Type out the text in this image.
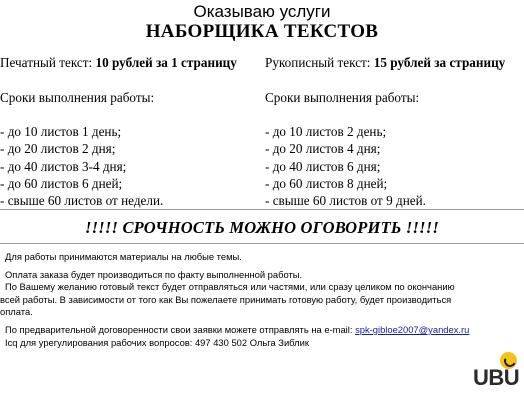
Оказываю услуги
НАБОРЩИКА ТЕКСТОВ
Печатный текст: 10 рублей за 1 страницу
Сроки выполнения работы:
- до 10 листов 1 день;
- до 20 листов 2 дня;
- до 40 листов 3-4 дня;
- до 60 листов 6 дней;
- свыше 60 листов от недели.
Рукописный текст: 15 рублей за страницу
Сроки выполнения работы:
- до 10 листов 2 день;
- до 20 листов 4 дня;
- до 40 листов 6 дня;
- до 60 листов 8 дней;
- свыше 60 листов от 9 дней.
!!!!! СРОЧНОСТЬ МОЖНО ОГОВОРИТЬ !!!!!
Для работы принимаются материалы на любые темы.
Оплата заказа будет производиться по факту выполненной работы.
По Вашему желанию готовый текст будет отправляться или частями, или сразу целиком по окончанию
всей работы. В зависимости от того как Вы пожелаете принимать готовую работу, будет производиться
оплата.
По предварительной договоренности свои заявки можете отправлять на e-mail: spk-gibloe2007@yandex.ru
Icq для урегулирования рабочих вопросов: 497 430 502 Ольга Зиблик
UBU
